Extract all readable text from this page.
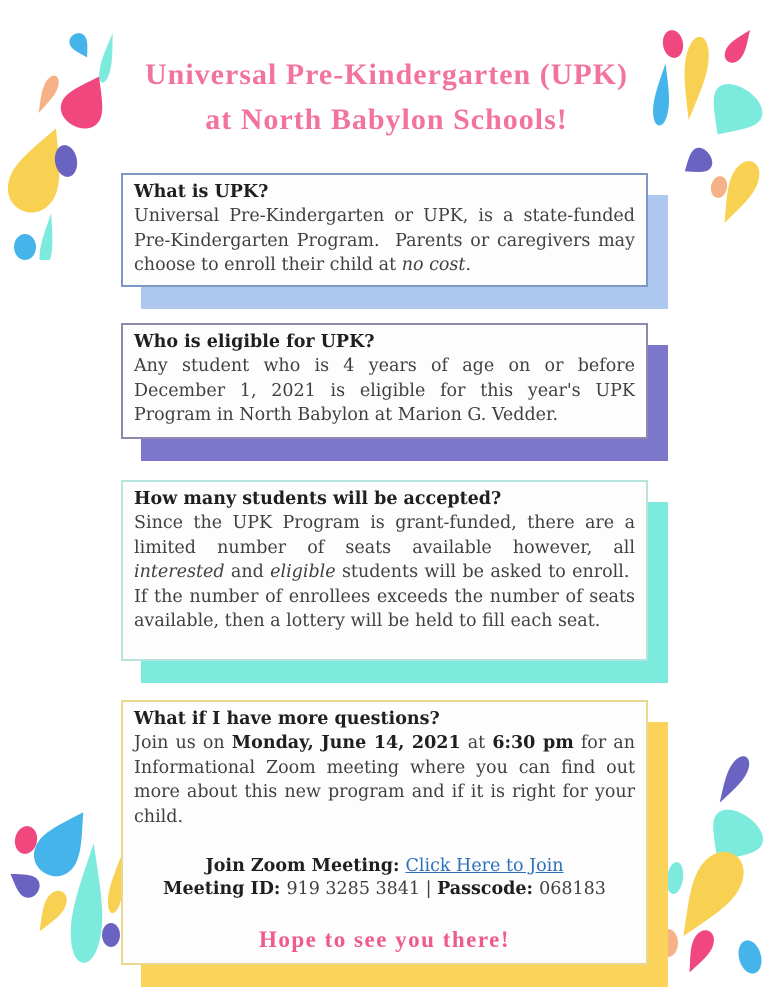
Universal Pre-Kindergarten (UPK)
at North Babylon Schools!
What is UPK?

Universal Pre-Kindergarten or UPK, is a state-funded Pre-Kindergarten Program.  Parents or caregivers may choose to enroll their child at no cost.

Who is eligible for UPK?

Any student who is 4 years of age on or before December 1, 2021 is eligible for this year's UPK Program in North Babylon at Marion G. Vedder.

How many students will be accepted?

Since the UPK Program is grant-funded, there are a limited number of seats available however, all interested and eligible students will be asked to enroll.  If the number of enrollees exceeds the number of seats available, then a lottery will be held to fill each seat.

What if I have more questions?

Join us on Monday, June 14, 2021 at 6:30 pm for an Informational Zoom meeting where you can find out more about this new program and if it is right for your child.

Join Zoom Meeting: Click Here to Join

Meeting ID: 919 3285 3841 | Passcode: 068183

Hope to see you there!
